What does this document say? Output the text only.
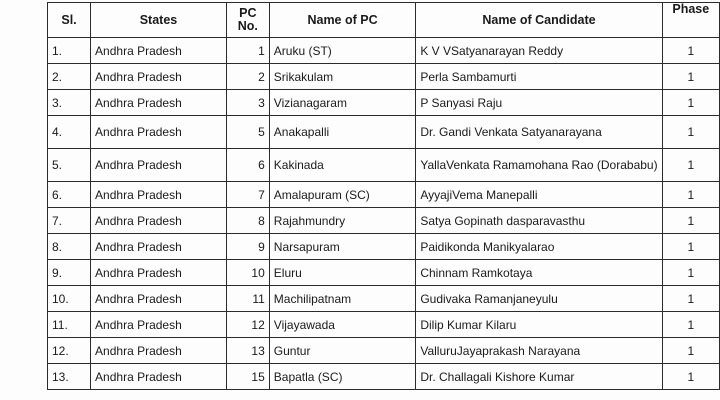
Sl.	States	PC No.	Name of PC	Name of Candidate	Phase
1.	Andhra Pradesh	1	Aruku (ST)	K V VSatyanarayan Reddy	1
2.	Andhra Pradesh	2	Srikakulam	Perla Sambamurti	1
3.	Andhra Pradesh	3	Vizianagaram	P Sanyasi Raju	1
4.	Andhra Pradesh	5	Anakapalli	Dr. Gandi Venkata Satyanarayana	1
5.	Andhra Pradesh	6	Kakinada	YallaVenkata Ramamohana Rao (Dorababu)	1
6.	Andhra Pradesh	7	Amalapuram (SC)	AyyajiVema Manepalli	1
7.	Andhra Pradesh	8	Rajahmundry	Satya Gopinath dasparavasthu	1
8.	Andhra Pradesh	9	Narsapuram	Paidikonda Manikyalarao	1
9.	Andhra Pradesh	10	Eluru	Chinnam Ramkotaya	1
10.	Andhra Pradesh	11	Machilipatnam	Gudivaka Ramanjaneyulu	1
11.	Andhra Pradesh	12	Vijayawada	Dilip Kumar Kilaru	1
12.	Andhra Pradesh	13	Guntur	ValluruJayaprakash Narayana	1
13.	Andhra Pradesh	15	Bapatla (SC)	Dr. Challagali Kishore Kumar	1
